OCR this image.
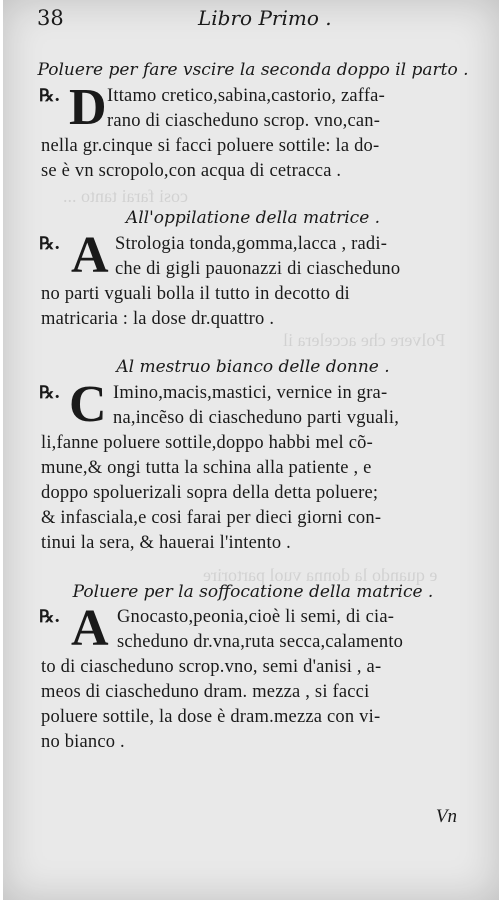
cosi farai tanto ...
Polvere che accelera il
e quando la donna vuol partorire
38	Libro Primo .
Poluere per fare vscire la seconda doppo il parto .
℞. D Ittamo cretico,sabina,castorio, zaffa-
rano di ciascheduno scrop. vno,can-
nella gr.cinque si facci poluere sottile: la do-
se è vn scropolo,con acqua di cetracca .
All'oppilatione della matrice .
℞. A Strologia tonda,gomma,lacca , radi-
che di gigli pauonazzi di ciascheduno
no parti vguali bolla il tutto in decotto di
matricaria : la dose dr.quattro .
Al mestruo bianco delle donne .
℞. C Imino,macis,mastici, vernice in gra-
na,incẽso di ciascheduno parti vguali,
li,fanne poluere sottile,doppo habbi mel cõ-
mune,& ongi tutta la schina alla patiente , e
doppo spoluerizali sopra della detta poluere;
& infasciala,e cosi farai per dieci giorni con-
tinui la sera, & hauerai l'intento .
Poluere per la soffocatione della matrice .
℞. A Gnocasto,peonia,cioè li semi, di cia-
scheduno dr.vna,ruta secca,calamento
to di ciascheduno scrop.vno, semi d'anisi , a-
meos di ciascheduno dram. mezza , si facci
poluere sottile, la dose è dram.mezza con vi-
no bianco .
Vn
